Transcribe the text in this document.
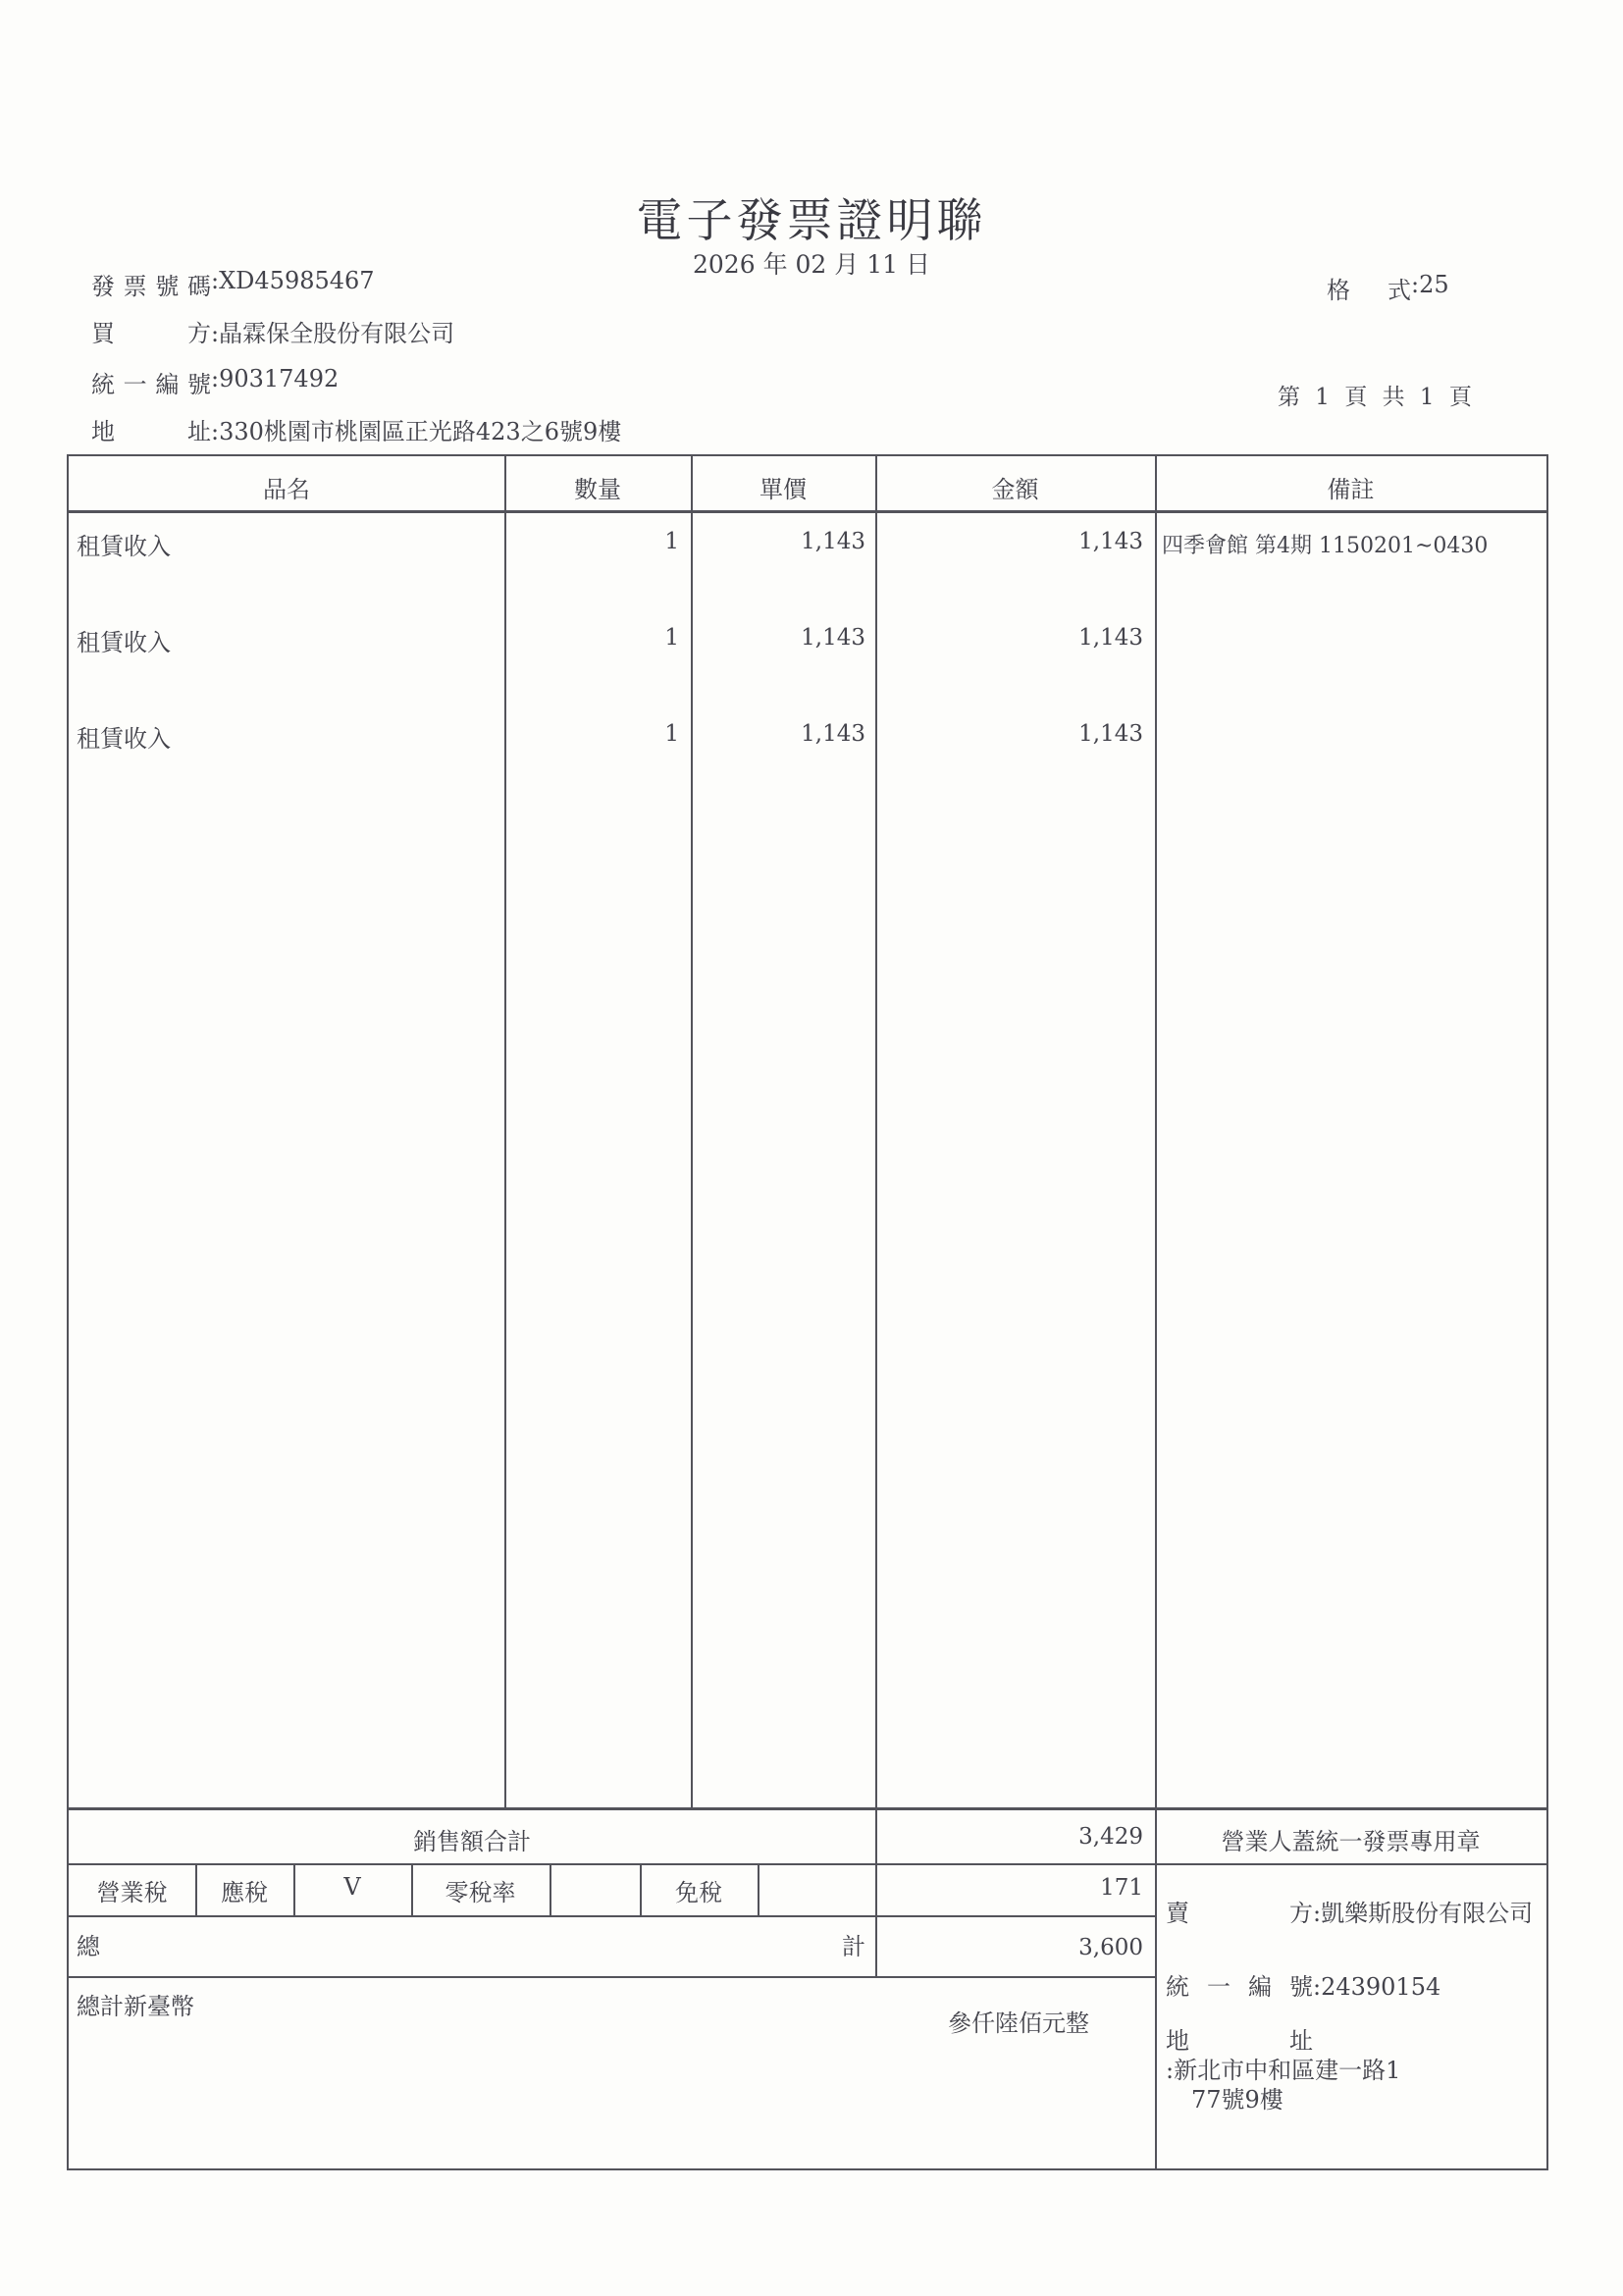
電子發票證明聯
2026 年 02 月 11 日
格式:25
第 1 頁 共 1 頁
發票號碼:XD45985467
買方:晶霖保全股份有限公司
統一編號:90317492
地址:330桃園市桃園區正光路423之6號9樓
品名	數量	單價	金額	備註
租賃收入	1	1,143	1,143 四季會館 第4期 1150201~0430
租賃收入	1	1,143	1,143
租賃收入	1	1,143	1,143
銷售額合計	3,429	營業人蓋統一發票專用章
營業稅	應稅	V	零稅率	免稅	171
總	計	3,600
總計新臺幣
參仟陸佰元整
賣方:凱樂斯股份有限公司
統一編號:24390154
地址:新北市中和區建一路1
77號9樓
